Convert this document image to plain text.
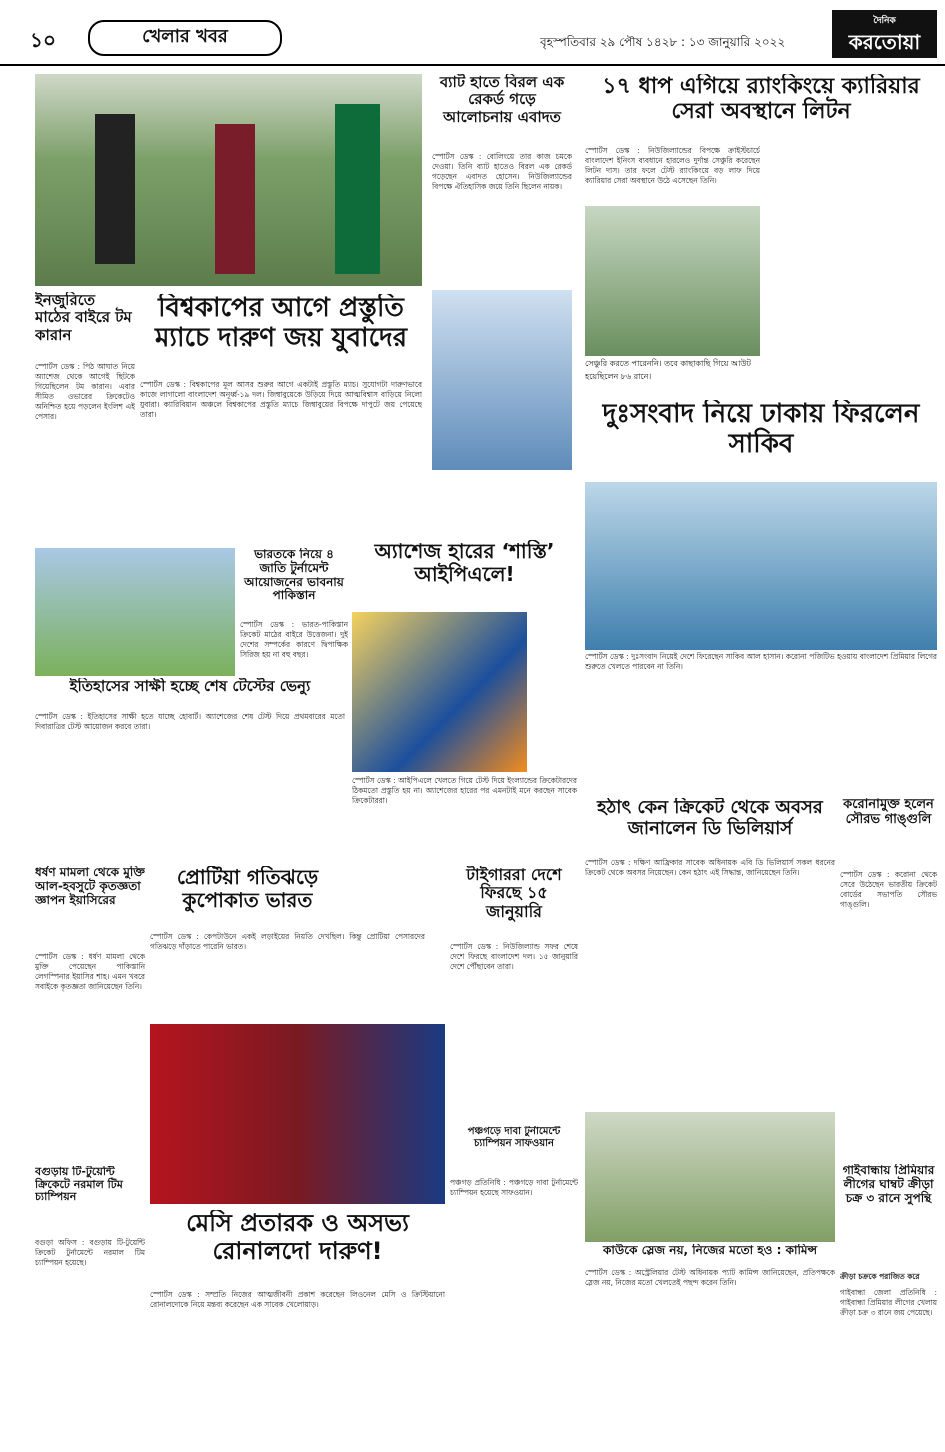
১০	খেলার খবর	বৃহস্পতিবার ২৯ পৌষ ১৪২৮ : ১৩ জানুয়ারি ২০২২
দৈনিক
করতোয়া
ব্যাট হাতে বিরল এক রেকর্ড গড়ে আলোচনায় এবাদত
স্পোর্টস ডেস্ক : বোলিংয়ে তার কাজ চমকে দেওয়া। তিনি ব্যাট হাতেও বিরল এক রেকর্ড গড়েছেন এবাদত হোসেন। নিউজিল্যান্ডের বিপক্ষে ঐতিহাসিক জয়ে তিনি ছিলেন নায়ক।
১৭ ধাপ এগিয়ে র‌্যাংকিংয়ে ক্যারিয়ার সেরা অবস্থানে লিটন
স্পোর্টস ডেস্ক : নিউজিল্যান্ডের বিপক্ষে ক্রাইস্টচার্চে বাংলাদেশ ইনিংস ব্যবধানে হারলেও দুর্দান্ত সেঞ্চুরি করেছেন লিটন দাস। তার ফলে টেস্ট র‌্যাংকিংয়ে বড় লাফ দিয়ে ক্যারিয়ার সেরা অবস্থানে উঠে এসেছেন তিনি।
সেঞ্চুরি করতে পারেননি। তবে কাছাকাছি গিয়ে আউট হয়েছিলেন ৮৬ রানে।
ইনজুরিতে মাঠের বাইরে টম কারান
স্পোর্টস ডেস্ক : পিঠ আঘাত নিয়ে অ্যাশেজ থেকে আগেই ছিটকে গিয়েছিলেন টম কারান। এবার সীমিত ওভারের ক্রিকেটেও অনিশ্চিত হয়ে পড়লেন ইংলিশ এই পেসার।
বিশ্বকাপের আগে প্রস্তুতি ম্যাচে দারুণ জয় যুবাদের
স্পোর্টস ডেস্ক : বিশ্বকাপের মূল আসর শুরুর আগে একটাই প্রস্তুতি ম্যাচ। সুযোগটা দারুণভাবে কাজে লাগালো বাংলাদেশ অনূর্ধ্ব-১৯ দল। জিম্বাবুয়েকে উড়িয়ে দিয়ে আত্মবিশ্বাস বাড়িয়ে নিলো যুবারা। ক্যারিবিয়ান অঞ্চলে বিশ্বকাপের প্রস্তুতি ম্যাচে জিম্বাবুয়ের বিপক্ষে দাপুটে জয় পেয়েছে তারা।	দুঃসংবাদ নিয়ে ঢাকায় ফিরলেন সাকিব
স্পোর্টস ডেস্ক : দুঃসংবাদ নিয়েই দেশে ফিরেছেন সাকিব আল হাসান। করোনা পজিটিভ হওয়ায় বাংলাদেশ প্রিমিয়ার লিগের শুরুতে খেলতে পারবেন না তিনি।
ইতিহাসের সাক্ষী হচ্ছে শেষ টেস্টের ভেন্যু
স্পোর্টস ডেস্ক : ইতিহাসের সাক্ষী হতে যাচ্ছে হোবার্ট। অ্যাশেজের শেষ টেস্ট দিয়ে প্রথমবারের মতো দিবারাত্রির টেস্ট আয়োজন করবে তারা।
ভারতকে নিয়ে ৪ জাতি টুর্নামেন্ট আয়োজনের ভাবনায় পাকিস্তান
স্পোর্টস ডেস্ক : ভারত-পাকিস্তান ক্রিকেট মাঠের বাইরে উত্তেজনা। দুই দেশের সম্পর্কের কারণে দ্বিপাক্ষিক সিরিজ হয় না বহু বছর।
অ্যাশেজ হারের ‘শাস্তি’ আইপিএলে!
স্পোর্টস ডেস্ক : আইপিএলে খেলতে গিয়ে টেস্ট দিয়ে ইংল্যান্ডের ক্রিকেটারদের ঠিকমতো প্রস্তুতি হয় না। অ্যাশেজের হারের পর এমনটাই মনে করছেন সাবেক ক্রিকেটাররা।
ধর্ষণ মামলা থেকে মুক্তি আল-হবসুটে কৃতজ্ঞতা জ্ঞাপন ইয়াসিরের
স্পোর্টস ডেস্ক : ধর্ষণ মামলা থেকে মুক্তি পেয়েছেন পাকিস্তানি লেগস্পিনার ইয়াসির শাহ। এমন খবরে সবাইকে কৃতজ্ঞতা জানিয়েছেন তিনি।
প্রোটিয়া গতিঝড়ে কুপোকাত ভারত
স্পোর্টস ডেস্ক : কেপটাউনে একই লড়াইয়ের নিয়তি দেখছিল। কিন্তু প্রোটিয়া পেসারদের গতিঝড়ে দাঁড়াতে পারেনি ভারত।
টাইগাররা দেশে ফিরছে ১৫ জানুয়ারি
স্পোর্টস ডেস্ক : নিউজিল্যান্ড সফর শেষে দেশে ফিরছে বাংলাদেশ দল। ১৫ জানুয়ারি দেশে পৌঁছাবেন তারা।
হঠাৎ কেন ক্রিকেট থেকে অবসর জানালেন ডি ভিলিয়ার্স
স্পোর্টস ডেস্ক : দক্ষিণ আফ্রিকার সাবেক অধিনায়ক এবি ডি ভিলিয়ার্স সকল ধরনের ক্রিকেট থেকে অবসর নিয়েছেন। কেন হঠাৎ এই সিদ্ধান্ত, জানিয়েছেন তিনি।
করোনামুক্ত হলেন সৌরভ গাঙ্গুলি
স্পোর্টস ডেস্ক : করোনা থেকে সেরে উঠেছেন ভারতীয় ক্রিকেট বোর্ডের সভাপতি সৌরভ গাঙ্গুলি।
পঞ্চগড়ে দাবা টুর্নামেন্টে চ্যাম্পিয়ন সাফওয়ান
পঞ্চগড় প্রতিনিধি : পঞ্চগড়ে দাবা টুর্নামেন্টে চ্যাম্পিয়ন হয়েছে সাফওয়ান।
কাউকে স্লেজ নয়, নিজের মতো হও : কামিন্স
স্পোর্টস ডেস্ক : অস্ট্রেলিয়ার টেস্ট অধিনায়ক প্যাট কামিন্স জানিয়েছেন, প্রতিপক্ষকে স্লেজ নয়, নিজের মতো খেলতেই পছন্দ করেন তিনি।
গাইবান্ধায় প্রিমিয়ার লীগের ঘাম্বট ক্রীড়া চক্র ৩ রানে সুপন্থি
ক্রীড়া চক্রকে পরাজিত করে
গাইবান্ধা জেলা প্রতিনিধি : গাইবান্ধা প্রিমিয়ার লীগের খেলায় ক্রীড়া চক্র ৩ রানে জয় পেয়েছে।
বগুড়ায় টি-টুয়েন্টি ক্রিকেটে নরমাল টিম চ্যাম্পিয়ন
বগুড়া অফিস : বগুড়ায় টি-টুয়েন্টি ক্রিকেট টুর্নামেন্টে নরমাল টিম চ্যাম্পিয়ন হয়েছে।
মেসি প্রতারক ও অসভ্য রোনালদো দারুণ!
স্পোর্টস ডেস্ক : সম্প্রতি নিজের আত্মজীবনী প্রকাশ করেছেন লিওনেল মেসি ও ক্রিস্টিয়ানো রোনালদোকে নিয়ে মন্তব্য করেছেন এক সাবেক খেলোয়াড়।
